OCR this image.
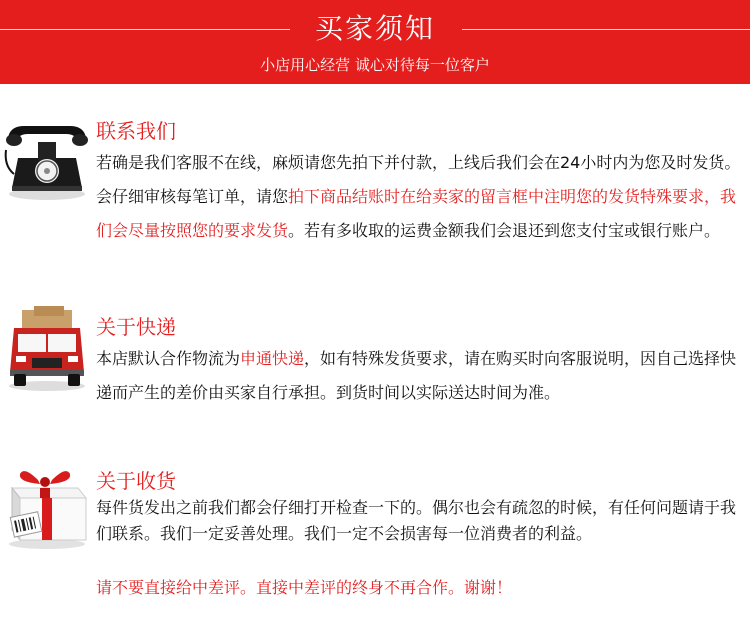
买家须知
小店用心经营 诚心对待每一位客户
联系我们

若确是我们客服不在线，麻烦请您先拍下并付款，上线后我们会在24小时内为您及时发货。会仔细审核每笔订单，请您拍下商品结账时在给卖家的留言框中注明您的发货特殊要求，我们会尽量按照您的要求发货。若有多收取的运费金额我们会退还到您支付宝或银行账户。

关于快递

本店默认合作物流为申通快递，如有特殊发货要求，请在购买时向客服说明，因自己选择快递而产生的差价由买家自行承担。到货时间以实际送达时间为准。

关于收货
每件货发出之前我们都会仔细打开检查一下的。偶尔也会有疏忽的时候，有任何问题请于我们联系。我们一定妥善处理。我们一定不会损害每一位消费者的利益。
请不要直接给中差评。直接中差评的终身不再合作。谢谢！
